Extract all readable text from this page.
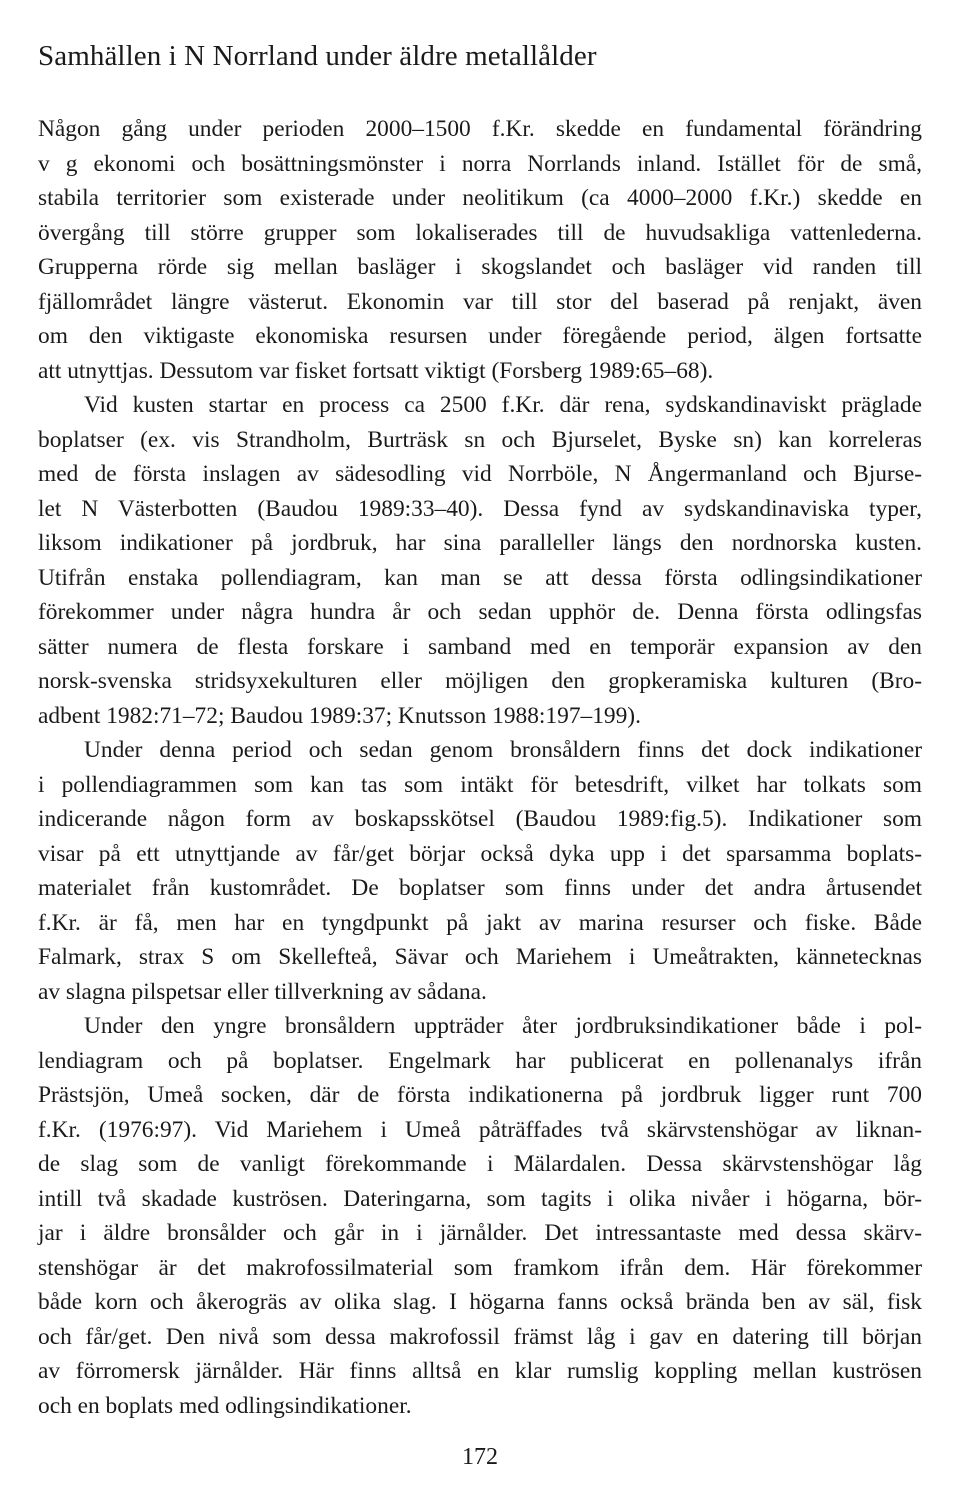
Samhällen i N Norrland under äldre metallålder
Någon gång under perioden 2000–1500 f.Kr. skedde en fundamental förändring
v g ekonomi och bosättningsmönster i norra Norrlands inland. Istället för de små,
stabila territorier som existerade under neolitikum (ca 4000–2000 f.Kr.) skedde en
övergång till större grupper som lokaliserades till de huvudsakliga vattenlederna.
Grupperna rörde sig mellan basläger i skogslandet och basläger vid randen till
fjällområdet längre västerut. Ekonomin var till stor del baserad på renjakt, även
om den viktigaste ekonomiska resursen under föregående period, älgen fortsatte
att utnyttjas. Dessutom var fisket fortsatt viktigt (Forsberg 1989:65–68).
Vid kusten startar en process ca 2500 f.Kr. där rena, sydskandinaviskt präglade
boplatser (ex. vis Strandholm, Burträsk sn och Bjurselet, Byske sn) kan korreleras
med de första inslagen av sädesodling vid Norrböle, N Ångermanland och Bjurse-
let N Västerbotten (Baudou 1989:33–40). Dessa fynd av sydskandinaviska typer,
liksom indikationer på jordbruk, har sina paralleller längs den nordnorska kusten.
Utifrån enstaka pollendiagram, kan man se att dessa första odlingsindikationer
förekommer under några hundra år och sedan upphör de. Denna första odlingsfas
sätter numera de flesta forskare i samband med en temporär expansion av den
norsk-svenska stridsyxekulturen eller möjligen den gropkeramiska kulturen (Bro-
adbent 1982:71–72; Baudou 1989:37; Knutsson 1988:197–199).
Under denna period och sedan genom bronsåldern finns det dock indikationer
i pollendiagrammen som kan tas som intäkt för betesdrift, vilket har tolkats som
indicerande någon form av boskapsskötsel (Baudou 1989:fig.5). Indikationer som
visar på ett utnyttjande av får/get börjar också dyka upp i det sparsamma boplats-
materialet från kustområdet. De boplatser som finns under det andra årtusendet
f.Kr. är få, men har en tyngdpunkt på jakt av marina resurser och fiske. Både
Falmark, strax S om Skellefteå, Sävar och Mariehem i Umeåtrakten, kännetecknas
av slagna pilspetsar eller tillverkning av sådana.
Under den yngre bronsåldern uppträder åter jordbruksindikationer både i pol-
lendiagram och på boplatser. Engelmark har publicerat en pollenanalys ifrån
Prästsjön, Umeå socken, där de första indikationerna på jordbruk ligger runt 700
f.Kr. (1976:97). Vid Mariehem i Umeå påträffades två skärvstenshögar av liknan-
de slag som de vanligt förekommande i Mälardalen. Dessa skärvstenshögar låg
intill två skadade kuströsen. Dateringarna, som tagits i olika nivåer i högarna, bör-
jar i äldre bronsålder och går in i järnålder. Det intressantaste med dessa skärv-
stenshögar är det makrofossilmaterial som framkom ifrån dem. Här förekommer
både korn och åkerogräs av olika slag. I högarna fanns också brända ben av säl, fisk
och får/get. Den nivå som dessa makrofossil främst låg i gav en datering till början
av förromersk järnålder. Här finns alltså en klar rumslig koppling mellan kuströsen
och en boplats med odlingsindikationer.
172
